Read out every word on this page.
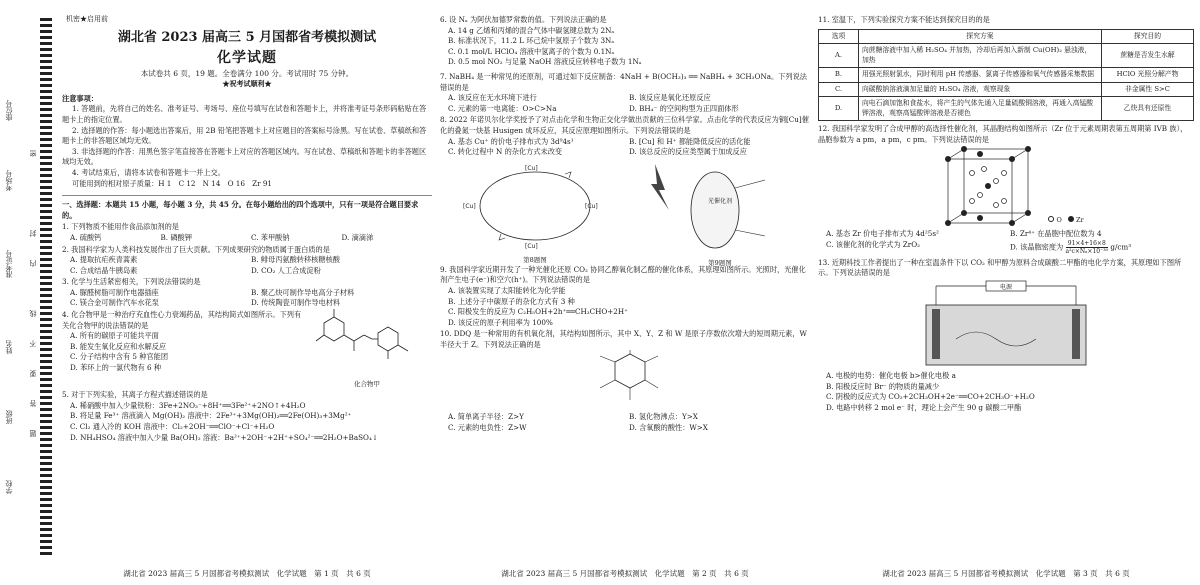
学校
班级
姓名
准考证号
考场号
座位号
密
封
线
内
不
要
答
题
机密★启用前
湖北省 2023 届高三 5 月国都省考模拟测试
化学试题
本试卷共 6 页，19 题。全卷满分 100 分。考试用时 75 分钟。
★祝考试顺利★
注意事项：
1. 答题前，先将自己的姓名、准考证号、考场号、座位号填写在试卷和答题卡上，并将准考证号条形码粘贴在答题卡上的指定位置。
2. 选择题的作答：每小题选出答案后，用 2B 铅笔把答题卡上对应题目的答案标号涂黑。写在试卷、草稿纸和答题卡上的非答题区域均无效。
3. 非选择题的作答：用黑色签字笔直接答在答题卡上对应的答题区域内。写在试卷、草稿纸和答题卡的非答题区域均无效。
4. 考试结束后，请将本试卷和答题卡一并上交。
可能用到的相对原子质量：H 1　C 12　N 14　O 16　Zr 91
一、选择题：本题共 15 小题，每小题 3 分，共 45 分。在每小题给出的四个选项中，只有一项是符合题目要求的。
1. 下列物质不能用作食品添加剂的是
A. 硫酸钙	B. 磷酸钾	C. 苯甲酸钠	D. 滴滴涕
2. 我国科学家为人类科技发展作出了巨大贡献。下列成果研究的物质属于蛋白质的是
A. 提取抗疟疾青蒿素	B. 鲱母丙氨酸转移核糖核酸
C. 合成结晶牛胰岛素	D. CO₂ 人工合成淀粉
3. 化学与生活紧密相关，下列说法错误的是
A. 脲醛树脂可制作电器插座	B. 聚乙炔可制作导电高分子材料
C. 镁合金可制作汽车水花泵	D. 传统陶瓷可制作导电材料
4. 化合物甲是一种治疗充血性心力衰竭药品，其结构简式如图所示。下列有关化合物甲的说法错误的是
A. 所有的碳原子可能共平面
B. 能发生氧化反应和水解反应
C. 分子结构中含有 5 种官能团
D. 苯环上的一氯代物有 6 种
化合物甲
5. 对于下列实验，其离子方程式描述错误的是
A. 稀硝酸中加入少量铁粉：3Fe+2NO₃⁻+8H⁺══3Fe²⁺+2NO↑+4H₂O
B. 将足量 Fe³⁺ 溶液滴入 Mg(OH)₂ 溶液中：2Fe³⁺+3Mg(OH)₂══2Fe(OH)₃+3Mg²⁺
C. Cl₂ 通入冷的 KOH 溶液中：Cl₂+2OH⁻══ClO⁻+Cl⁻+H₂O
D. NH₄HSO₄ 溶液中加入少量 Ba(OH)₂ 溶液：Ba²⁺+2OH⁻+2H⁺+SO₄²⁻══2H₂O+BaSO₄↓
湖北省 2023 届高三 5 月国都省考模拟测试　化学试题　第 1 页　共 6 页
6. 设 Nₐ 为阿伏加德罗常数的值。下列说法正确的是
A. 14 g 乙烯和丙烯的混合气体中碳氢键总数为 2Nₐ
B. 标准状况下，11.2 L 环己烷中氢原子个数为 3Nₐ
C. 0.1 mol/L HClO₄ 溶液中氢离子的个数为 0.1Nₐ
D. 0.5 mol NO₂ 与足量 NaOH 溶液反应转移电子数为 1Nₐ
7. NaBH₄ 是一种常见的还原剂，可通过如下反应制备：4NaH + B(OCH₃)₃ ══ NaBH₄ + 3CH₃ONa。下列说法错误的是
A. 该反应在无水环境下进行	B. 该反应是氧化还原反应
C. 元素的第一电离能：O>C>Na	D. BH₄⁻ 的空间构型为正四面体形
8. 2022 年诺贝尔化学奖授予了对点击化学和生物正交化学做出贡献的三位科学家。点击化学的代表反应为铜[Cu]催化的叠氮一炔基 Husigen 成环反应，其反应原理如图所示。下列说法错误的是
A. 基态 Cu⁺ 的价电子排布式为 3d⁹4s¹	B. [Cu] 和 H⁺ 都能降低反应的活化能
C. 转化过程中 N 的杂化方式未改变	D. 该总反应的反应类型属于加成反应
[Cu]
[Cu]
[Cu]
[Cu]
第8题图
光催化剂
第9题图
9. 我国科学家近期开发了一种光催化还原 CO₂ 协同乙醇氧化制乙醛的催化体系，其原理如图所示。光照时，光催化剂产生电子(e⁻)和空穴(h⁺)。下列说法错误的是
A. 该装置实现了太阳能转化为化学能
B. 上述分子中碳原子的杂化方式有 3 种
C. 阳极发生的反应为 C₂H₅OH+2h⁺══CH₃CHO+2H⁺
D. 该反应的原子利用率为 100%
10. DDQ 是一种常用的有机氧化剂，其结构如图所示，其中 X、Y、Z 和 W 是原子序数依次增大的短周期元素，W 半径大于 Z。下列说法正确的是
A. 简单离子半径：Z>Y	B. 氢化物沸点：Y>X
C. 元素的电负性：Z>W	D. 含氧酸的酸性：W>X
湖北省 2023 届高三 5 月国都省考模拟测试　化学试题　第 2 页　共 6 页
11. 室温下，下列实验探究方案不能达到探究目的的是
选项	探究方案	探究目的
A.	向蔗糖溶液中加入稀 H₂SO₄ 并加热，冷却后再加入新制 Cu(OH)₂ 悬浊液，加热	蔗糖是否发生水解
B.	用强光照射氯水，同时利用 pH 传感器、氯离子传感器和氧气传感器采集数据	HClO 光照分解产物
C.	向碳酸钠溶液滴加足量的 H₂SO₄ 溶液，观察现象	非金属性 S>C
D.	向电石滴加饱和食盐水，将产生的气体先通入足量硫酸铜溶液，再通入高锰酸钾溶液，观察高锰酸钾溶液是否褪色	乙炔具有还原性
12. 我国科学家发明了合成甲醇的高选择性催化剂，其晶胞结构如图所示（Zr 位于元素周期表第五周期第 IVB 族），晶胞参数为 a pm，a pm，c pm。下列说法错误的是
O Zr
A. 基态 Zr 价电子排布式为 4d²5s²	B. Zr⁴⁺ 在晶胞中配位数为 4
C. 该催化剂的化学式为 ZrO₂	D. 该晶胞密度为 $\frac{91\times 4+16\times 8}{\text{a²c×Nₐ×10⁻³⁰}} g/cm^3$
13. 近期科技工作者提出了一种在室温条件下以 CO₂ 和甲醇为原料合成碳酸二甲酯的电化学方案，其原理如下图所示。下列说法错误的是
电源
A. 电极的电势：催化电极 b>催化电极 a
B. 阳极反应时 Br⁻ 的物质的量减少
C. 阴极的反应式为 CO₂+2CH₃OH+2e⁻══CO+2CH₃O⁻+H₂O
D. 电路中转移 2 mol e⁻ 时，理论上会产生 90 g 碳酸二甲酯
湖北省 2023 届高三 5 月国都省考模拟测试　化学试题　第 3 页　共 6 页
